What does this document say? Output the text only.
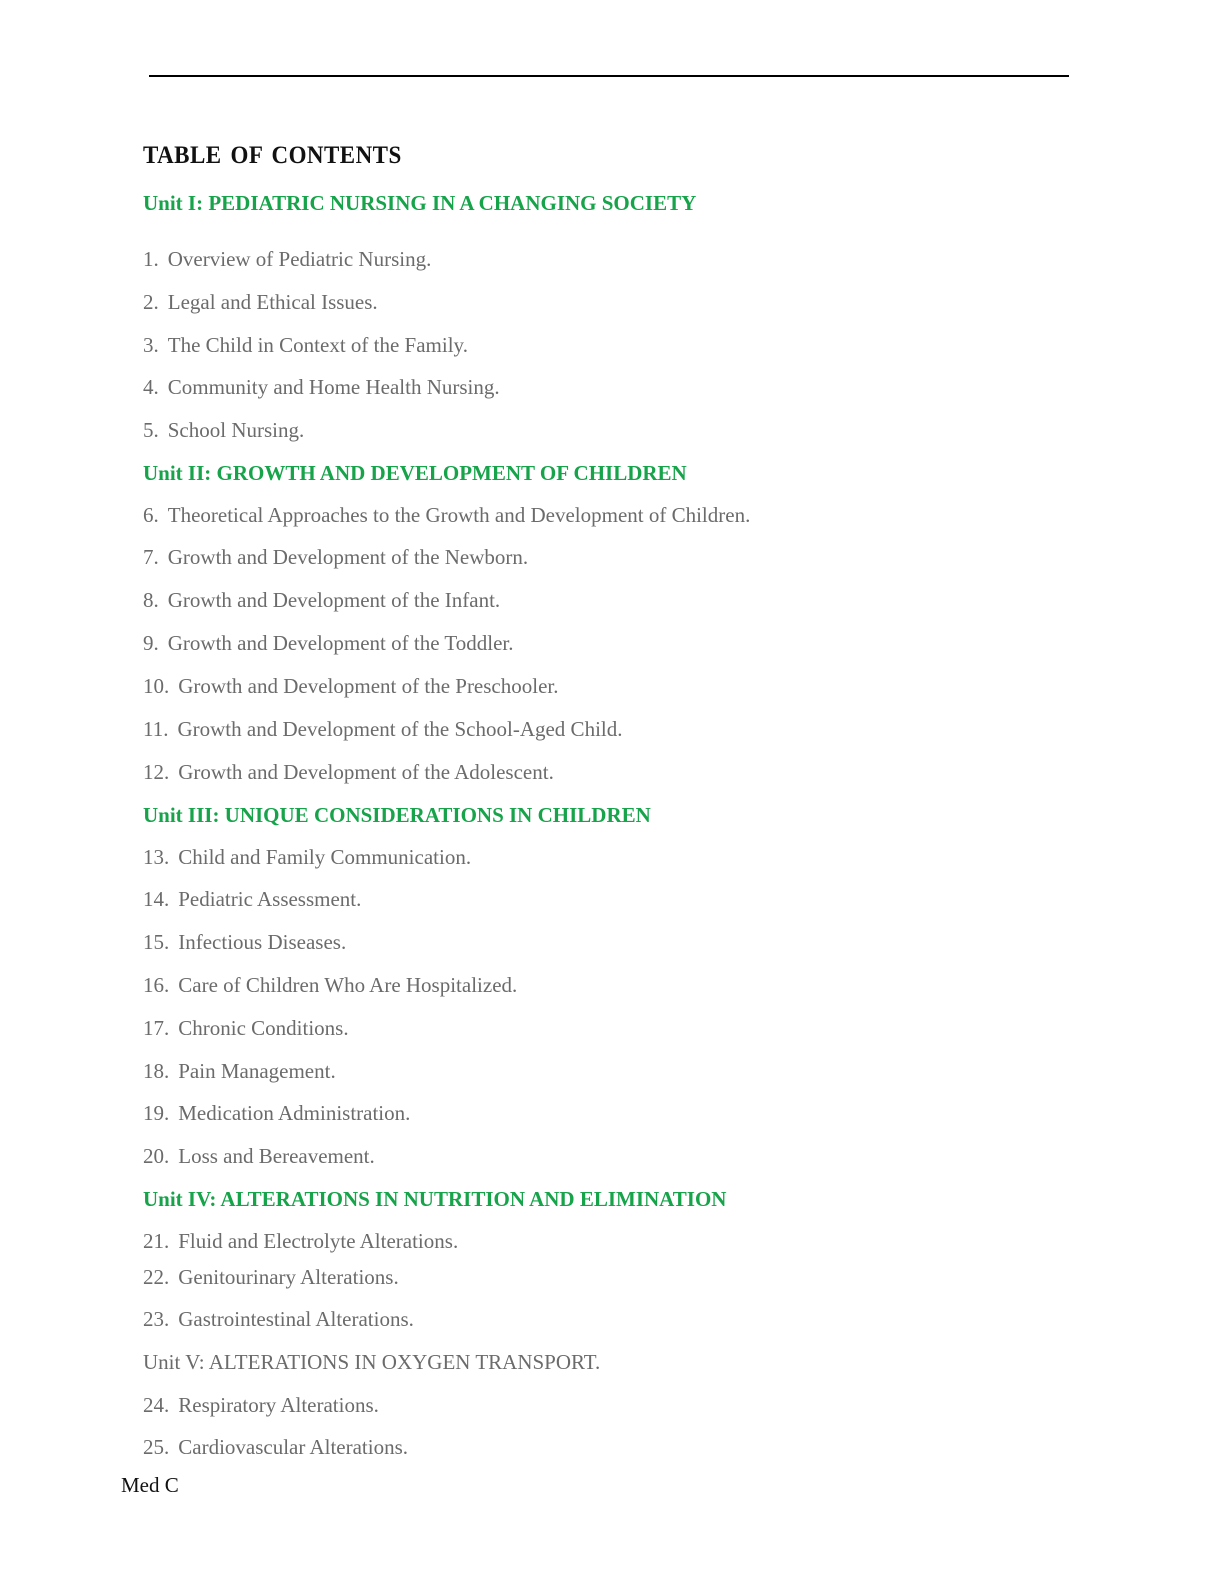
TABLE OF CONTENTS
Unit I: PEDIATRIC NURSING IN A CHANGING SOCIETY
1. Overview of Pediatric Nursing.
2. Legal and Ethical Issues.
3. The Child in Context of the Family.
4. Community and Home Health Nursing.
5. School Nursing.
Unit II: GROWTH AND DEVELOPMENT OF CHILDREN
6. Theoretical Approaches to the Growth and Development of Children.
7. Growth and Development of the Newborn.
8. Growth and Development of the Infant.
9. Growth and Development of the Toddler.
10. Growth and Development of the Preschooler.
11. Growth and Development of the School-Aged Child.
12. Growth and Development of the Adolescent.
Unit III: UNIQUE CONSIDERATIONS IN CHILDREN
13. Child and Family Communication.
14. Pediatric Assessment.
15. Infectious Diseases.
16. Care of Children Who Are Hospitalized.
17. Chronic Conditions.
18. Pain Management.
19. Medication Administration.
20. Loss and Bereavement.
Unit IV: ALTERATIONS IN NUTRITION AND ELIMINATION
21. Fluid and Electrolyte Alterations.
22. Genitourinary Alterations.
23. Gastrointestinal Alterations.
Unit V: ALTERATIONS IN OXYGEN TRANSPORT.
24. Respiratory Alterations.
25. Cardiovascular Alterations.
Med C
